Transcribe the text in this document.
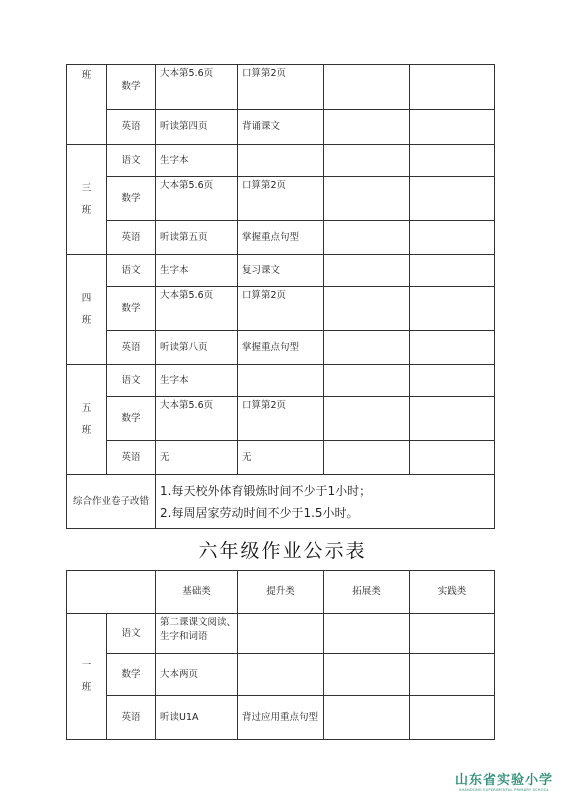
班	数学	大本第5.6页	口算第2页		
	英语	听读第四页	背诵课文		

三
班	语文	生字本			
	数学	大本第5.6页	口算第2页		
	英语	听读第五页	掌握重点句型		

四
班	语文	生字本	复习课文		
	数学	大本第5.6页	口算第2页		
	英语	听读第八页	掌握重点句型		

五
班	语文	生字本			
	数学	大本第5.6页	口算第2页		
	英语	无	无		
综合作业卷子改错		1.每天校外体育锻炼时间不少于1小时；
2.每周居家劳动时间不少于1.5小时。			
六年级作业公示表
		基础类	提升类	拓展类	实践类

一
班	语文	第二课课文阅读、生字和词语			
	数学	大本两页			
	英语	听读U1A	背过应用重点句型		
山东省实验小学
SHANDONG EXPERIMENTAL PRIMARY SCHOOL
